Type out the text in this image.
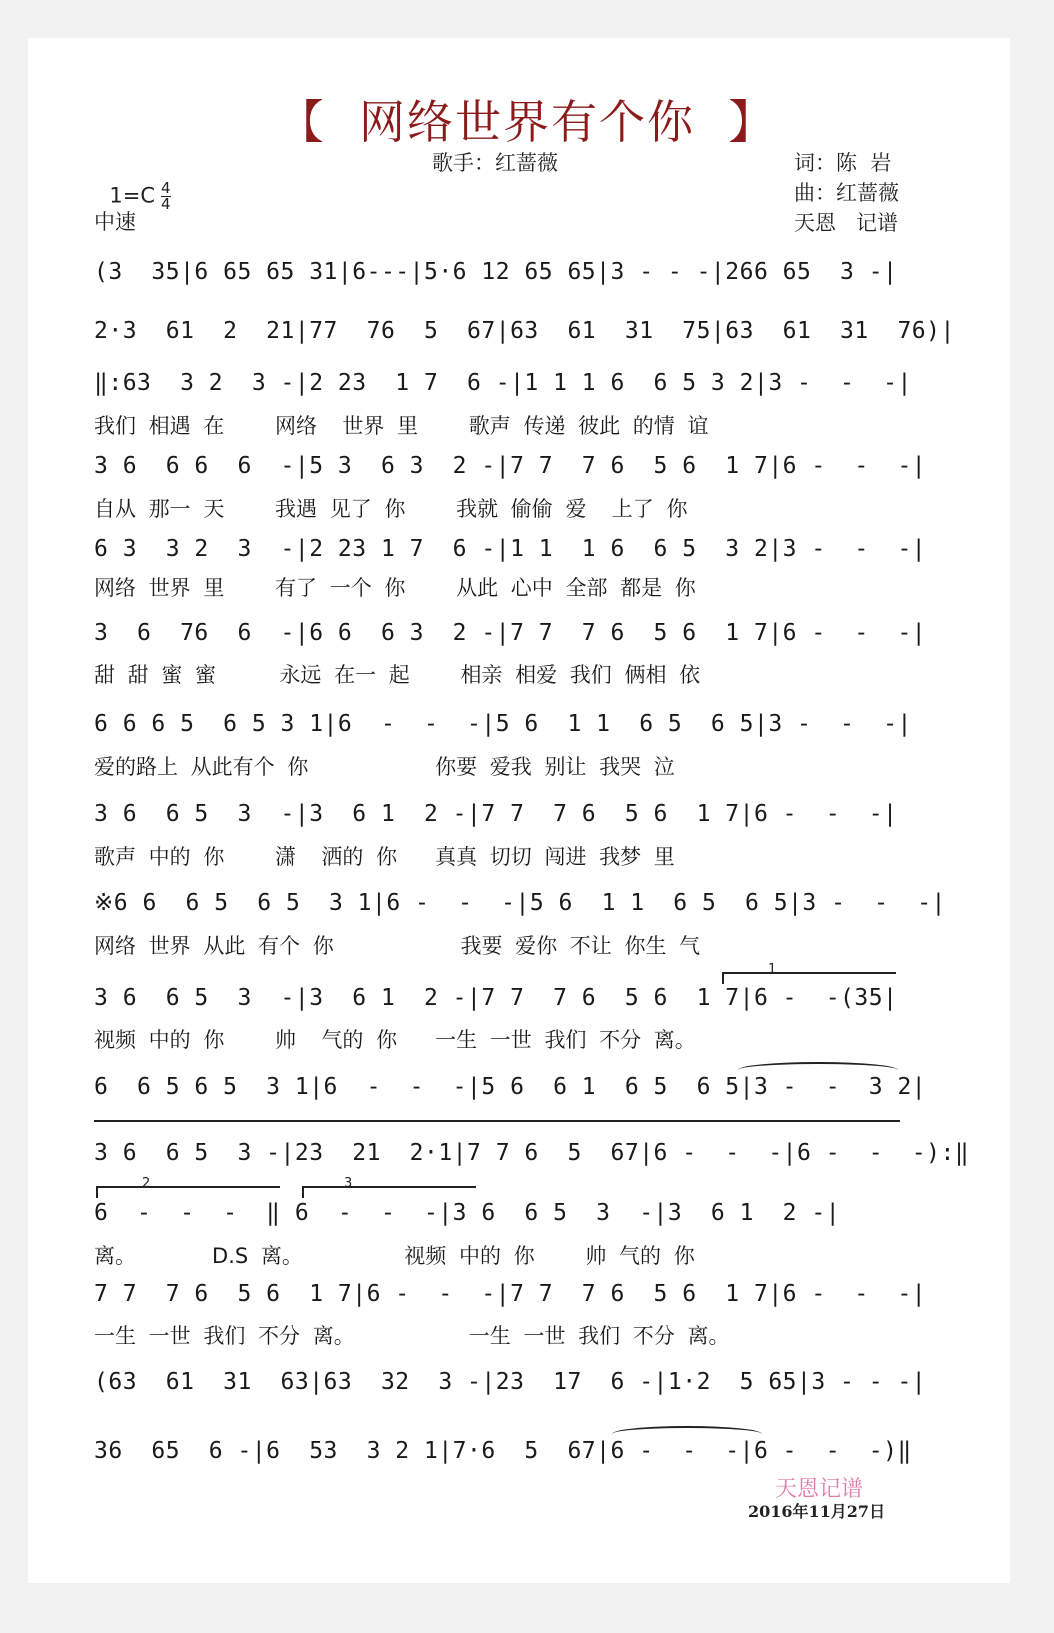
【  网络世界有个你  】

$1=C \frac{4}{4}$

中速
歌手：红蔷薇	词：陈  岩
曲：红蔷薇
天恩   记谱
(3  35|6 65 65 31|6---|5·6 12 65 65|3 - - -|266 65  3 -|
2·3  61  2  21|77  76  5  67|63  61  31  75|63  61  31  76)|
‖:63  3 2  3 -|2 23  1 7  6 -|1 1 1 6  6 5 3 2|3 -  -  -|
我们 相遇 在    网络  世界 里    歌声 传递 彼此 的情 谊
3 6  6 6  6  -|5 3  6 3  2 -|7 7  7 6  5 6  1 7|6 -  -  -|
自从 那一 天    我遇 见了 你    我就 偷偷 爱  上了 你
6 3  3 2  3  -|2 23 1 7  6 -|1 1  1 6  6 5  3 2|3 -  -  -|
网络 世界 里    有了 一个 你    从此 心中 全部 都是 你
3  6  76  6  -|6 6  6 3  2 -|7 7  7 6  5 6  1 7|6 -  -  -|
甜 甜 蜜 蜜     永远 在一 起    相亲 相爱 我们 俩相 依
6 6 6 5  6 5 3 1|6  -  -  -|5 6  1 1  6 5  6 5|3 -  -  -|
爱的路上 从此有个 你          你要 爱我 别让 我哭 泣
3 6  6 5  3  -|3  6 1  2 -|7 7  7 6  5 6  1 7|6 -  -  -|
歌声 中的 你    潇  洒的 你   真真 切切 闯进 我梦 里
※6 6  6 5  6 5  3 1|6 -  -  -|5 6  1 1  6 5  6 5|3 -  -  -|
网络 世界 从此 有个 你          我要 爱你 不让 你生 气
1
3 6  6 5  3  -|3  6 1  2 -|7 7  7 6  5 6  1 7|6 -  -(35|
视频 中的 你    帅  气的 你   一生 一世 我们 不分 离。
6  6 5 6 5  3 1|6  -  -  -|5 6  6 1  6 5  6 5|3 -  -  3 2|
3 6  6 5  3 -|23  21  2·1|7 7 6  5  67|6 -  -  -|6 -  -  -):‖
2	3
6  -  -  -  ‖ 6  -  -  -|3 6  6 5  3  -|3  6 1  2 -|
离。      D.S 离。        视频 中的 你    帅 气的 你
7 7  7 6  5 6  1 7|6 -  -  -|7 7  7 6  5 6  1 7|6 -  -  -|
一生 一世 我们 不分 离。         一生 一世 我们 不分 离。
(63  61  31  63|63  32  3 -|23  17  6 -|1·2  5 65|3 - - -|
36  65  6 -|6  53  3 2 1|7·6  5  67|6 -  -  -|6 -  -  -)‖
天恩记谱
2016年11月27日
